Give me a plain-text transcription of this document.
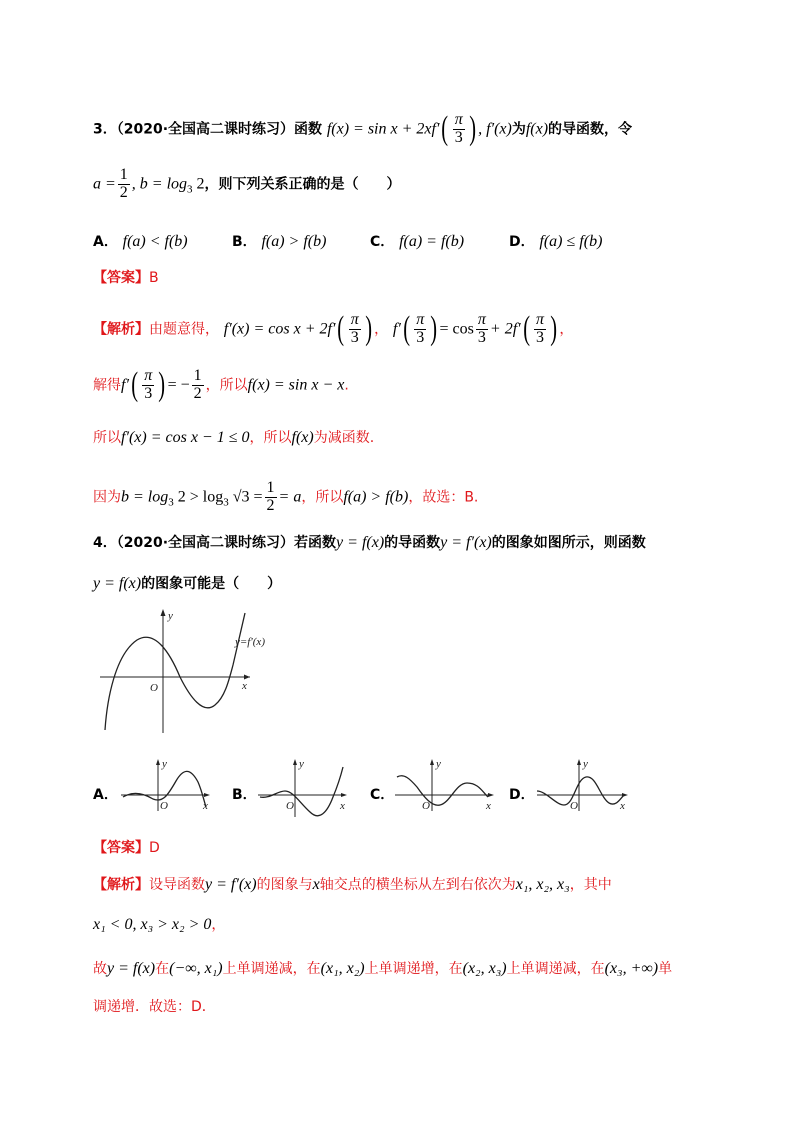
3．（2020·全国高二课时练习）函数 $f(x) = \sin x + 2xf'( \frac{\pi}{3}$ ) , f′(x)为f(x)的导函数，令
$a = \frac{1}{2}$ , $b = \log_3 2$，则下列关系正确的是（　　）
A． f(a) < f(b)	B． f(a) > f(b)	C． f(a) = f(b)	D． f(a) ≤ f(b)
【答案】B
【解析】由题意得， $f'(x) = \cos x + 2f'( \frac{\pi}{3}$ ) ， $f'( \frac{\pi}{3}$ ) = $\cos \frac{\pi}{3} + 2f'( \frac{\pi}{3}$ ) ，
解得$f'( \frac{\pi}{3}$ ) = − $\frac{1}{2}$ ，所以f(x) = sin x − x.
所以f′(x) = cos x − 1 ≤ 0，所以f(x)为减函数.
因为$b = \log_3 2 > \log_3 √3 = \frac{1}{2} = a$，所以f(a) > f(b)，故选：B.
4．（2020·全国高二课时练习）若函数y = f(x)的导函数y = f′(x)的图象如图所示，则函数
y = f(x)的图象可能是（　　）
y
x
O
y=f′(x)
A．
y
x
O
B．
y
x
O
C．
y
x
O
D．
y
x
O
【答案】D
【解析】设导函数y = f′(x)的图象与x轴交点的横坐标从左到右依次为x₁, x₂, x₃，其中
x₁ < 0, x₃ > x₂ > 0，
故y = f(x)在(−∞, x₁)上单调递减，在(x₁, x₂)上单调递增，在(x₂, x₃)上单调递减，在(x₃, +∞)单
调递增．故选：D．
